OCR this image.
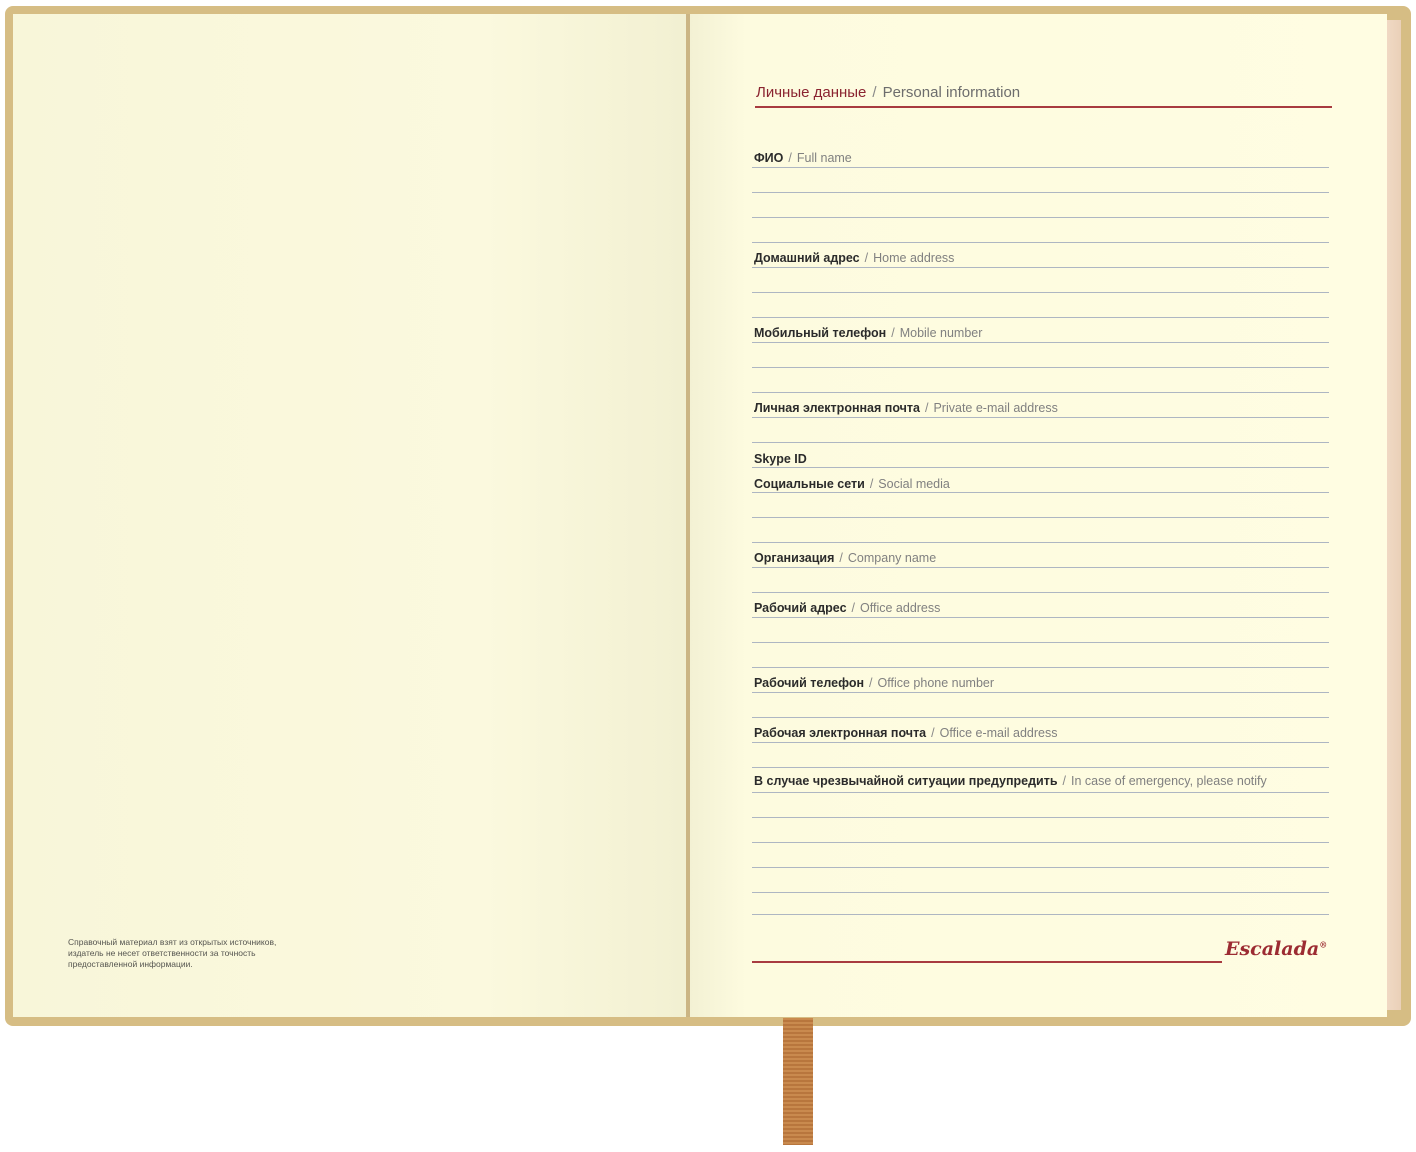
Справочный материал взят из открытых источников,
издатель не несет ответственности за точность
предоставленной информации.
Личные данные / Personal information
ФИО / Full name
Домашний адрес / Home address
Мобильный телефон / Mobile number
Личная электронная почта / Private e-mail address
Skype ID
Социальные сети / Social media
Организация / Company name
Рабочий адрес / Office address
Рабочий телефон / Office phone number
Рабочая электронная почта / Office e-mail address
В случае чрезвычайной ситуации предупредить / In case of emergency, please notify
Escalada®
